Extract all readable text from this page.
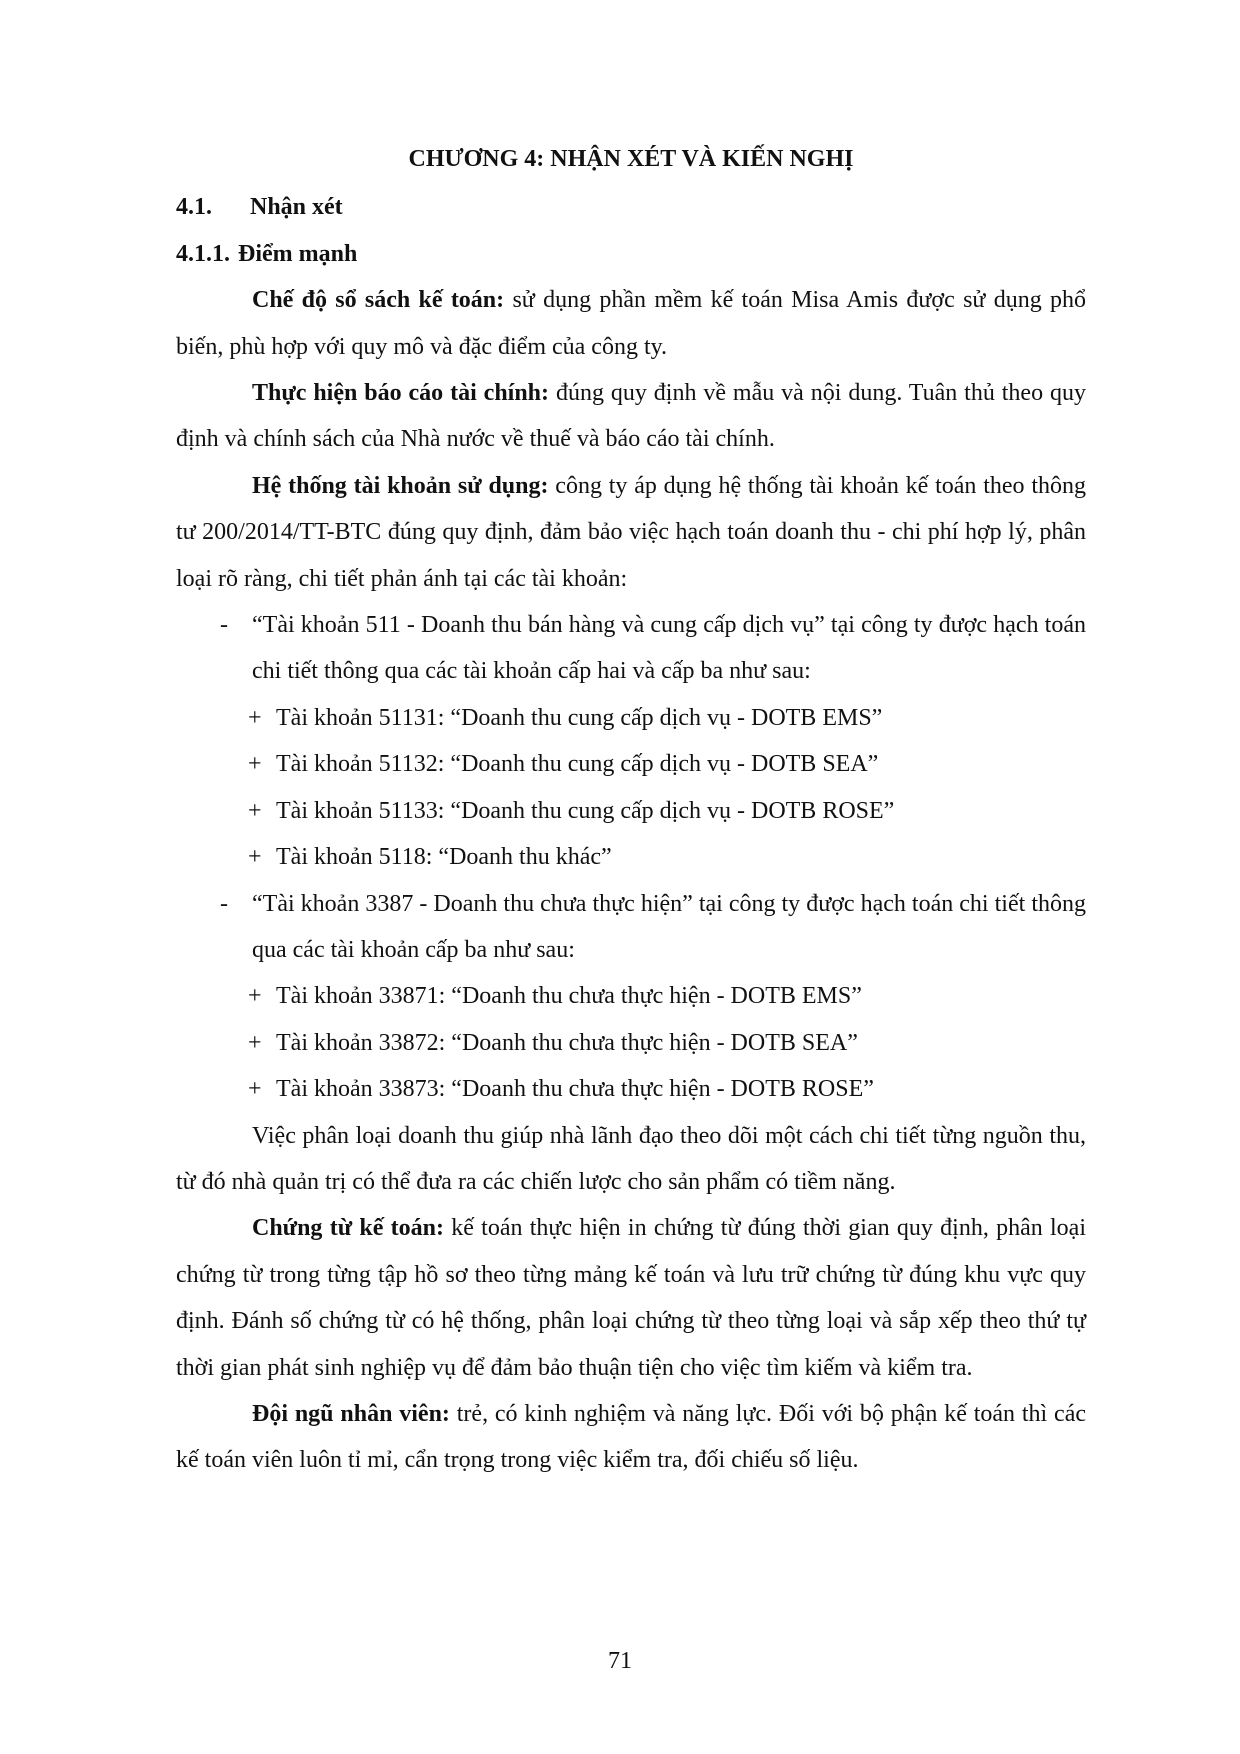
CHƯƠNG 4: NHẬN XÉT VÀ KIẾN NGHỊ
4.1.	Nhận xét
4.1.1. Điểm mạnh

Chế độ sổ sách kế toán: sử dụng phần mềm kế toán Misa Amis được sử dụng phổ biến, phù hợp với quy mô và đặc điểm của công ty.

Thực hiện báo cáo tài chính: đúng quy định về mẫu và nội dung. Tuân thủ theo quy định và chính sách của Nhà nước về thuế và báo cáo tài chính.

Hệ thống tài khoản sử dụng: công ty áp dụng hệ thống tài khoản kế toán theo thông tư 200/2014/TT-BTC đúng quy định, đảm bảo việc hạch toán doanh thu - chi phí hợp lý, phân loại rõ ràng, chi tiết phản ánh tại các tài khoản:

- “Tài khoản 511 - Doanh thu bán hàng và cung cấp dịch vụ” tại công ty được hạch toán chi tiết thông qua các tài khoản cấp hai và cấp ba như sau:
+ Tài khoản 51131: “Doanh thu cung cấp dịch vụ - DOTB EMS”
+ Tài khoản 51132: “Doanh thu cung cấp dịch vụ - DOTB SEA”
+ Tài khoản 51133: “Doanh thu cung cấp dịch vụ - DOTB ROSE”
+ Tài khoản 5118: “Doanh thu khác”
- “Tài khoản 3387 - Doanh thu chưa thực hiện” tại công ty được hạch toán chi tiết thông qua các tài khoản cấp ba như sau:
+ Tài khoản 33871: “Doanh thu chưa thực hiện - DOTB EMS”
+ Tài khoản 33872: “Doanh thu chưa thực hiện - DOTB SEA”
+ Tài khoản 33873: “Doanh thu chưa thực hiện - DOTB ROSE”

Việc phân loại doanh thu giúp nhà lãnh đạo theo dõi một cách chi tiết từng nguồn thu, từ đó nhà quản trị có thể đưa ra các chiến lược cho sản phẩm có tiềm năng.

Chứng từ kế toán: kế toán thực hiện in chứng từ đúng thời gian quy định, phân loại chứng từ trong từng tập hồ sơ theo từng mảng kế toán và lưu trữ chứng từ đúng khu vực quy định. Đánh số chứng từ có hệ thống, phân loại chứng từ theo từng loại và sắp xếp theo thứ tự thời gian phát sinh nghiệp vụ để đảm bảo thuận tiện cho việc tìm kiếm và kiểm tra.

Đội ngũ nhân viên: trẻ, có kinh nghiệm và năng lực. Đối với bộ phận kế toán thì các kế toán viên luôn tỉ mỉ, cẩn trọng trong việc kiểm tra, đối chiếu số liệu.

71
